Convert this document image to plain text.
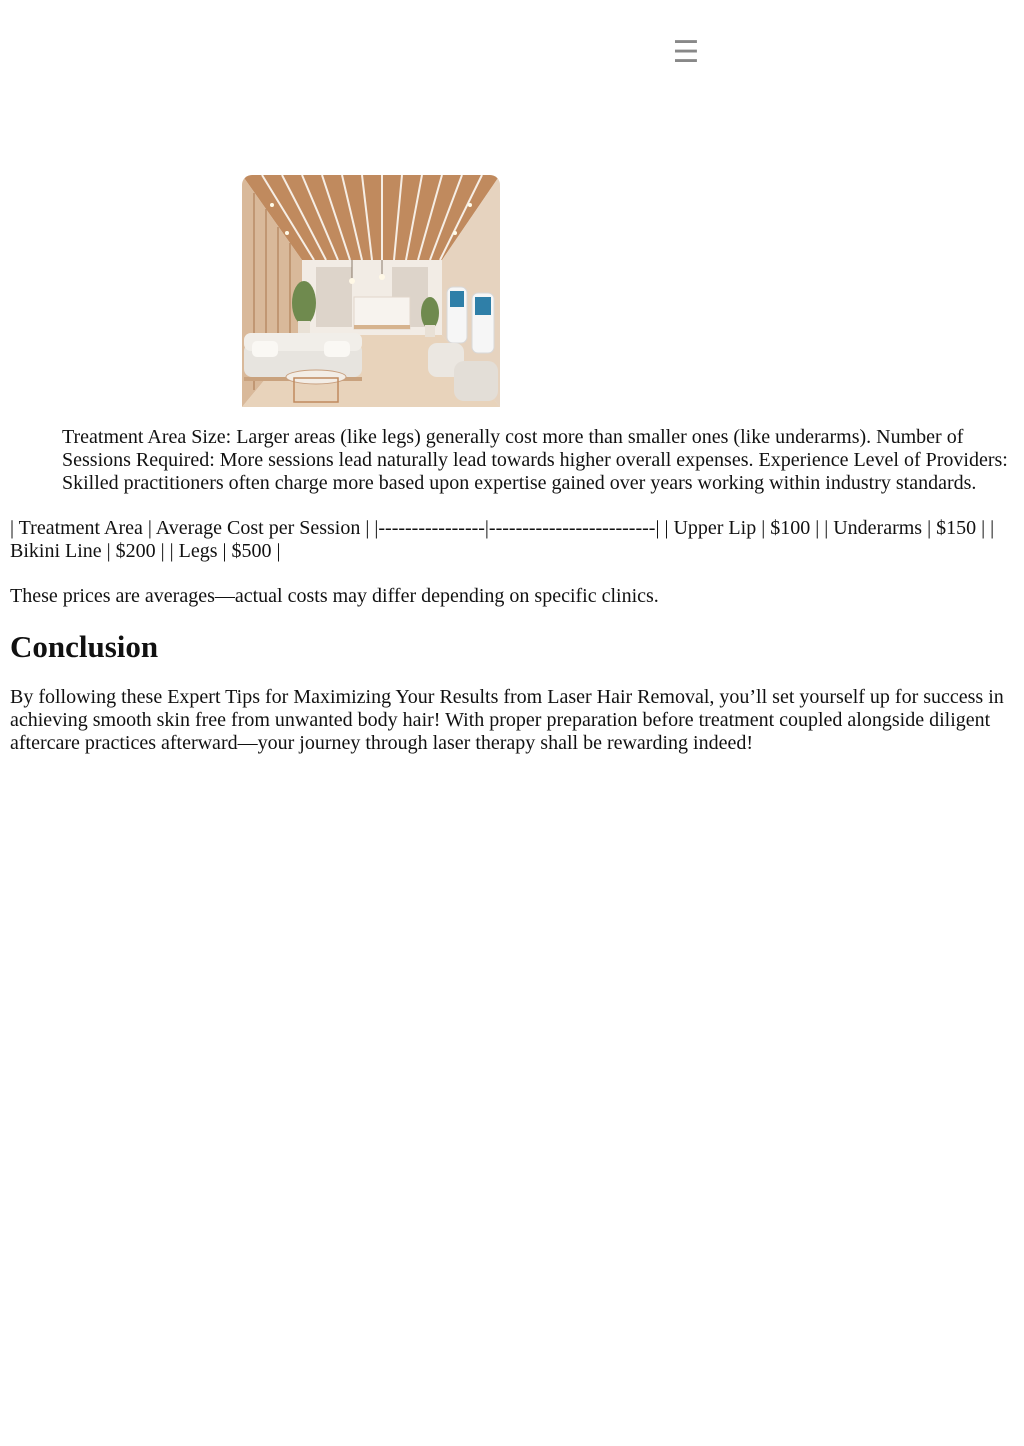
☰

Treatment Area Size: Larger areas (like legs) generally cost more than smaller ones (like underarms). Number of Sessions Required: More sessions lead naturally lead towards higher overall expenses. Experience Level of Providers: Skilled practitioners often charge more based upon expertise gained over years working within industry standards.

| Treatment Area | Average Cost per Session | |----------------|-------------------------| | Upper Lip | $100 | | Underarms | $150 | | Bikini Line | $200 | | Legs | $500 |

These prices are averages—actual costs may differ depending on specific clinics.

Conclusion

By following these Expert Tips for Maximizing Your Results from Laser Hair Removal, you’ll set yourself up for success in achieving smooth skin free from unwanted body hair! With proper preparation before treatment coupled alongside diligent aftercare practices afterward—your journey through laser therapy shall be rewarding indeed!
